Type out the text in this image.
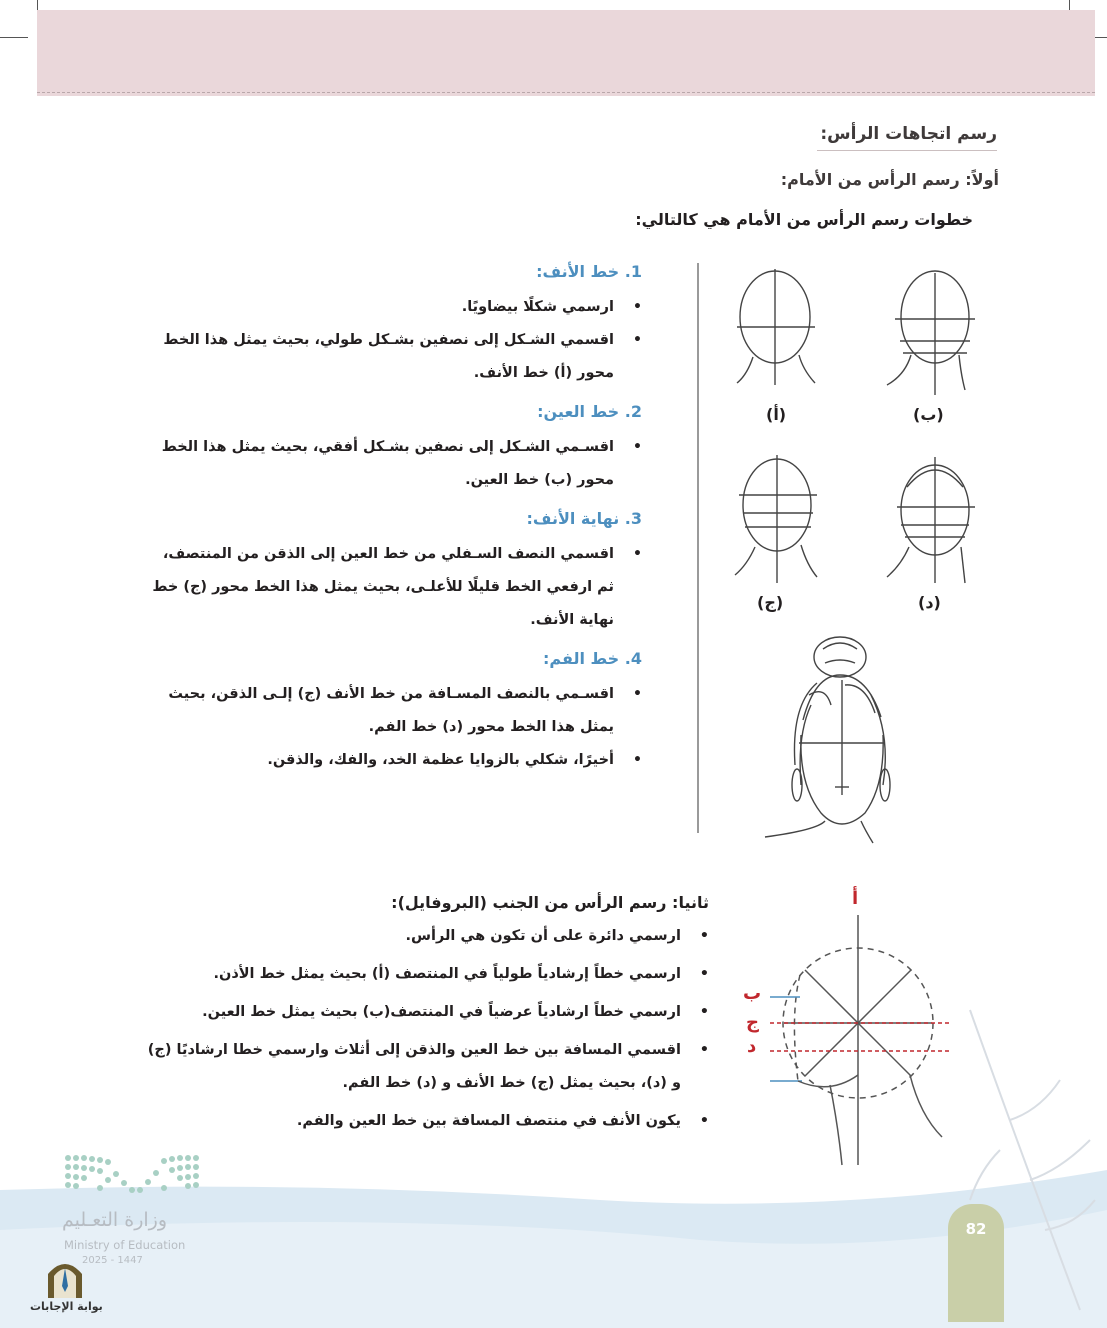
رسم اتجاهات الرأس:
أولاً: رسم الرأس من الأمام:
خطوات رسم الرأس من الأمام هي كالتالي:
1. خط الأنف:
• ارسمي شكلًا بيضاويًا.
• اقسمي الشـكل إلى نصفين بشـكل طولي، بحيث يمثل هذا الخط محور (أ) خط الأنف.
2. خط العين:
• اقسـمي الشـكل إلى نصفين بشـكل أفقي، بحيث يمثل هذا الخط محور (ب) خط العين.
3. نهاية الأنف:
• اقسمي النصف السـفلي من خط العين إلى الذقن من المنتصف، ثم ارفعي الخط قليلًا للأعلـى، بحيث يمثل هذا الخط محور (ج) خط نهاية الأنف.
4. خط الفم:
• اقسـمي بالنصف المسـافة من خط الأنف (ج) إلـى الذقن، بحيث يمثل هذا الخط محور (د) خط الفم.
• أخيرًا، شكلي بالزوايا عظمة الخد، والفك، والذقن.
(أ)	(ب)
(ج)	(د)
ثانيا: رسم الرأس من الجنب (البروفايل):
• ارسمي دائرة على أن تكون هي الرأس.
• ارسمي خطاً إرشادياً طولياً في المنتصف (أ) بحيث يمثل خط الأذن.
• ارسمي خطاً ارشادياً عرضياً في المنتصف(ب) بحيث يمثل خط العين.
• اقسمي المسافة بين خط العين والذقن إلى أثلاث وارسمي خطا ارشاديًا (ج) و (د)، بحيث يمثل (ج) خط الأنف و (د) خط الفم.
• يكون الأنف في منتصف المسافة بين خط العين والفم.
أ
ب
ج
د
82
وزارة التعـليم
Ministry of Education
2025 - 1447
بوابة الإجابات
